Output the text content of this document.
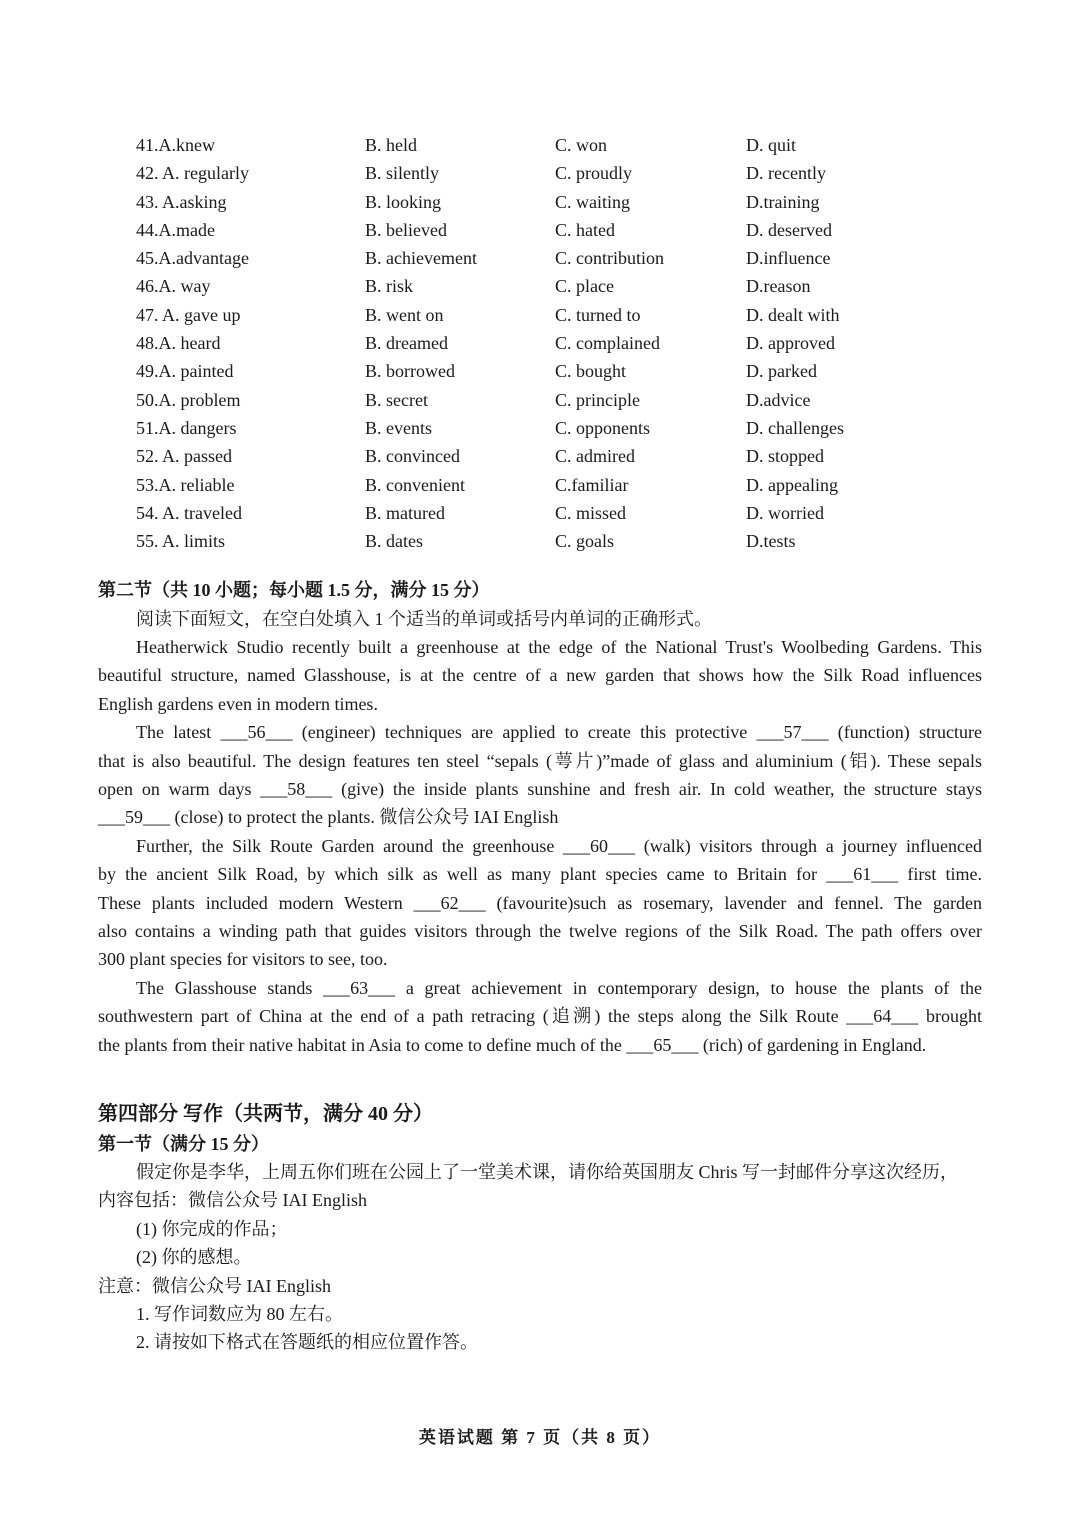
41.A.knew	B. held	C. won	D. quit
42. A. regularly	B. silently	C. proudly	D. recently
43. A.asking	B. looking	C. waiting	D.training
44.A.made	B. believed	C. hated	D. deserved
45.A.advantage	B. achievement	C. contribution	D.influence
46.A. way	B. risk	C. place	D.reason
47. A. gave up	B. went on	C. turned to	D. dealt with
48.A. heard	B. dreamed	C. complained	D. approved
49.A. painted	B. borrowed	C. bought	D. parked
50.A. problem	B. secret	C. principle	D.advice
51.A. dangers	B. events	C. opponents	D. challenges
52. A. passed	B. convinced	C. admired	D. stopped
53.A. reliable	B. convenient	C.familiar	D. appealing
54. A. traveled	B. matured	C. missed	D. worried
55. A. limits	B. dates	C. goals	D.tests
第二节（共 10 小题；每小题 1.5 分，满分 15 分）
阅读下面短文，在空白处填入 1 个适当的单词或括号内单词的正确形式。
Heatherwick Studio recently built a greenhouse at the edge of the National Trust's Woolbeding Gardens. This
beautiful structure, named Glasshouse, is at the centre of a new garden that shows how the Silk Road influences
English gardens even in modern times.
The latest ___56___ (engineer) techniques are applied to create this protective ___57___ (function) structure
that is also beautiful. The design features ten steel “sepals (萼片)”made of glass and aluminium (铝). These sepals
open on warm days ___58___ (give) the inside plants sunshine and fresh air. In cold weather, the structure stays
___59___ (close) to protect the plants. 微信公众号 IAI English
Further, the Silk Route Garden around the greenhouse ___60___ (walk) visitors through a journey influenced
by the ancient Silk Road, by which silk as well as many plant species came to Britain for ___61___ first time.
These plants included modern Western ___62___ (favourite)such as rosemary, lavender and fennel. The garden
also contains a winding path that guides visitors through the twelve regions of the Silk Road. The path offers over
300 plant species for visitors to see, too.
The Glasshouse stands ___63___ a great achievement in contemporary design, to house the plants of the
southwestern part of China at the end of a path retracing (追溯) the steps along the Silk Route ___64___ brought
the plants from their native habitat in Asia to come to define much of the ___65___ (rich) of gardening in England.
第四部分 写作（共两节，满分 40 分）
第一节（满分 15 分）
假定你是李华，上周五你们班在公园上了一堂美术课，请你给英国朋友 Chris 写一封邮件分享这次经历，
内容包括：微信公众号 IAI English
(1) 你完成的作品；
(2) 你的感想。
注意：微信公众号 IAI English
1. 写作词数应为 80 左右。
2. 请按如下格式在答题纸的相应位置作答。
英语试题 第 7 页（共 8 页）
